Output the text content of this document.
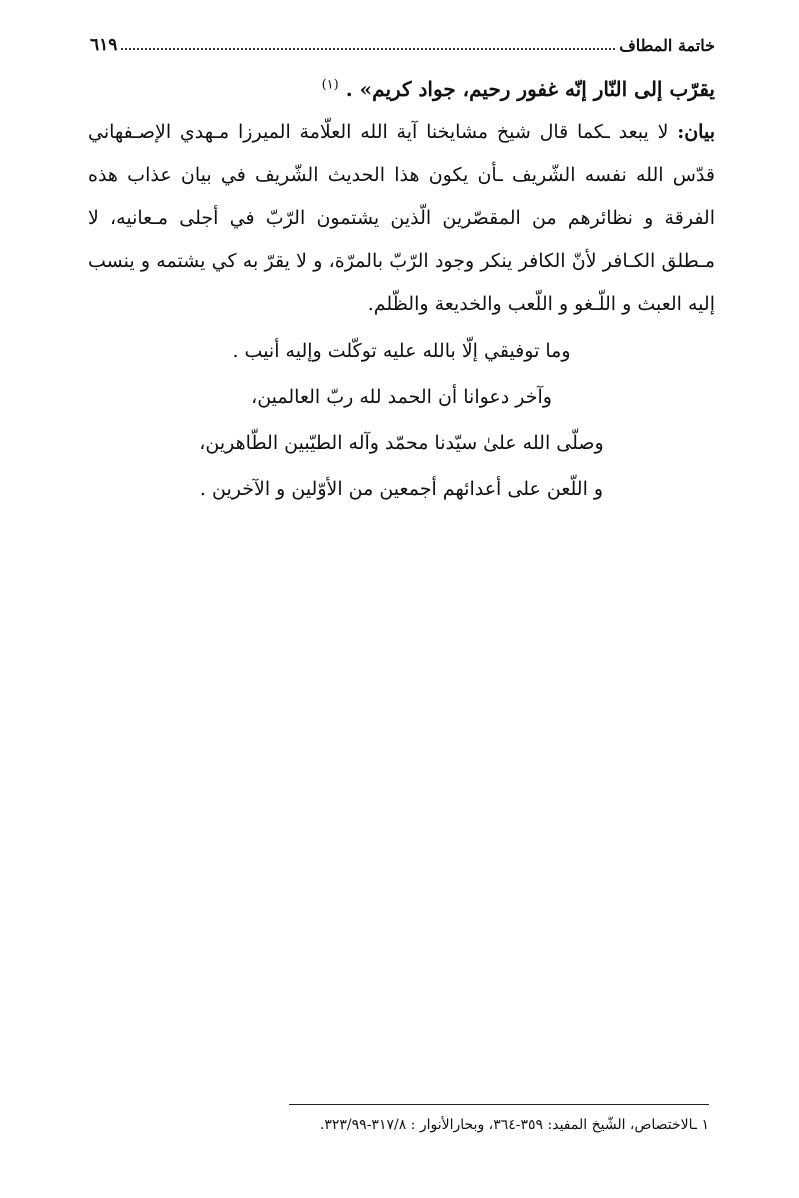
خاتمة المطاف
٦١٩
يقرّب إلى النّار إنّه غفور رحيم، جواد كريم» . $^{(١)}$

بيان: لا يبعد ـكما قال شيخ مشايخنا آية الله العلّامة الميرزا مـهدي الإصـفهاني قدّس الله نفسه الشّريف ـأن يكون هذا الحديث الشّريف في بيان عذاب هذه الفرقة و نظائرهم من المقصّرين الّذين يشتمون الرّبّ في أجلى مـعانيه، لا مـطلق الكـافر لأنّ الكافر ينكر وجود الرّبّ بالمرّة، و لا يقرّ به كي يشتمه و ينسب إليه العبث و اللّـغو و اللّعب والخديعة والظّلم.

وما توفيقي إلّا بالله عليه توكّلت وإليه أنيب .
وآخر دعوانا أن الحمد لله ربّ العالمين،
وصلّى الله علىٰ سيّدنا محمّد وآله الطيّبين الطّاهرين،
و اللّعن على أعدائهم أجمعين من الأوّلين و الآخرين .
١ ـالاختصاص، الشّيخ المفيد: ٣٥٩-٣٦٤، وبحارالأنوار : ٣١٧/٨-٣٢٣/٩٩.
